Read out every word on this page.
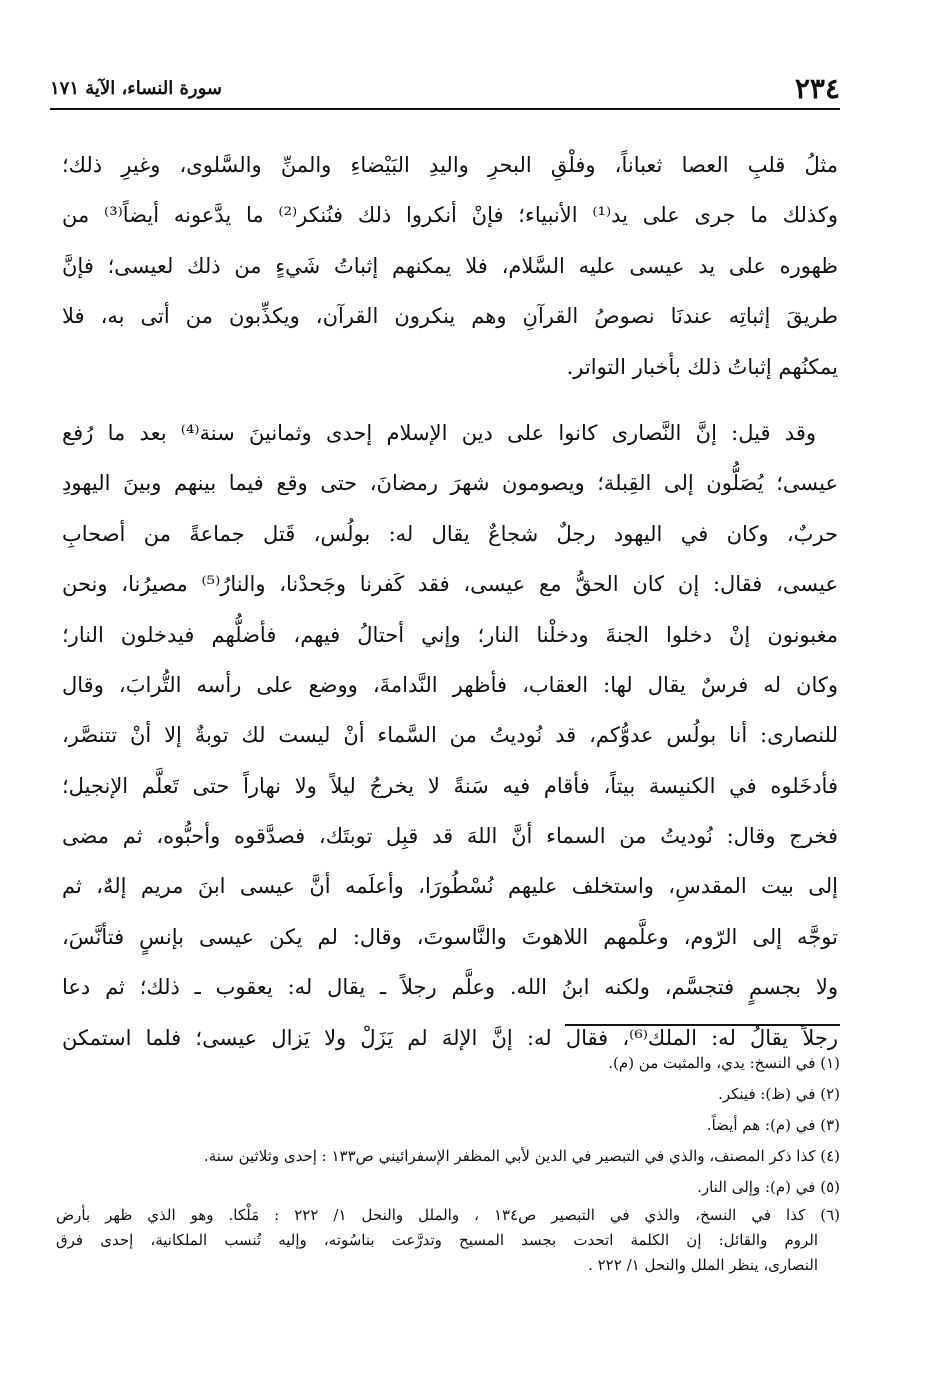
٢٣٤
سورة النساء، الآية ١٧١
مثلُ قلبِ العصا ثعباناً، وفلْقِ البحرِ واليدِ البَيْضاءِ والمنِّ والسَّلوى، وغيرِ ذلك؛
وكذلك ما جرى على يد⁽¹⁾ الأنبياء؛ فإنْ أنكروا ذلك فنُنكر⁽²⁾ ما يدَّعونه أيضاً⁽³⁾ من
ظهوره على يد عيسى عليه السَّلام، فلا يمكنهم إثباتُ شَيءٍ من ذلك لعيسى؛ فإنَّ
طريقَ إثباتِه عندنَا نصوصُ القرآنِ وهم ينكرون القرآن، ويكذِّبون من أتى به، فلا
يمكنُهم إثباتُ ذلك بأخبار التواتر.
وقد قيل: إنَّ النَّصارى كانوا على دين الإسلام إحدى وثمانينَ سنة⁽⁴⁾ بعد ما رُفع
عيسى؛ يُصَلُّون إلى القِبلة؛ ويصومون شهرَ رمضانَ، حتى وقع فيما بينهم وبينَ اليهودِ
حربٌ، وكان في اليهود رجلٌ شجاعٌ يقال له: بولُس، قَتل جماعةً من أصحابِ
عيسى، فقال: إن كان الحقُّ مع عيسى، فقد كَفرنا وجَحدْنا، والنارُ⁽⁵⁾ مصيرُنا، ونحن
مغبونون إنْ دخلوا الجنةَ ودخلْنا النار؛ وإني أحتالُ فيهم، فأضلُّهم فيدخلون النار؛
وكان له فرسٌ يقال لها: العقاب، فأظهر النَّدامةَ، ووضع على رأسه التُّرابَ، وقال
للنصارى: أنا بولُس عدوُّكم، قد نُوديتُ من السَّماء أنْ ليست لك توبةٌ إلا أنْ تتنصَّر،
فأدخَلوه في الكنيسة بيتاً، فأقام فيه سَنةً لا يخرجُ ليلاً ولا نهاراً حتى تَعلَّم الإنجيل؛
فخرج وقال: نُوديتُ من السماء أنَّ اللهَ قد قبِل توبتَك، فصدَّقوه وأحبُّوه، ثم مضى
إلى بيت المقدسِ، واستخلف عليهم نُسْطُورَا، وأعلَمه أنَّ عيسى ابنَ مريم إلهٌ، ثم
توجَّه إلى الرّوم، وعلَّمهم اللاهوتَ والنَّاسوتَ، وقال: لم يكن عيسى بإنسٍ فتأنَّسَ،
ولا بجسمٍ فتجسَّم، ولكنه ابنُ الله. وعلَّم رجلاً ـ يقال له: يعقوب ـ ذلك؛ ثم دعا
رجلاً يقالُ له: الملك⁽⁶⁾، فقال له: إنَّ الإلهَ لم يَزَلْ ولا يَزال عيسى؛ فلما استمكن
(١) في النسخ: يدي، والمثبت من (م).
(٢) في (ظ): فينكر.
(٣) في (م): هم أيضاً.
(٤) كذا ذكر المصنف، والذي في التبصير في الدين لأبي المظفر الإسفرائيني ص١٣٣ : إحدى وثلاثين سنة.
(٥) في (م): وإلى النار.
(٦) كذا في النسخ، والذي في التبصير ص١٣٤ ، والملل والنحل ١/ ٢٢٢ : مَلْكا. وهو الذي ظهر بأرض
الروم والقائل: إن الكلمة اتحدت بجسد المسيح وتدرَّعت بناسُوته، وإليه تُنسب الملكانية، إحدى فرق
النصارى، ينظر الملل والنحل ١/ ٢٢٢ .
